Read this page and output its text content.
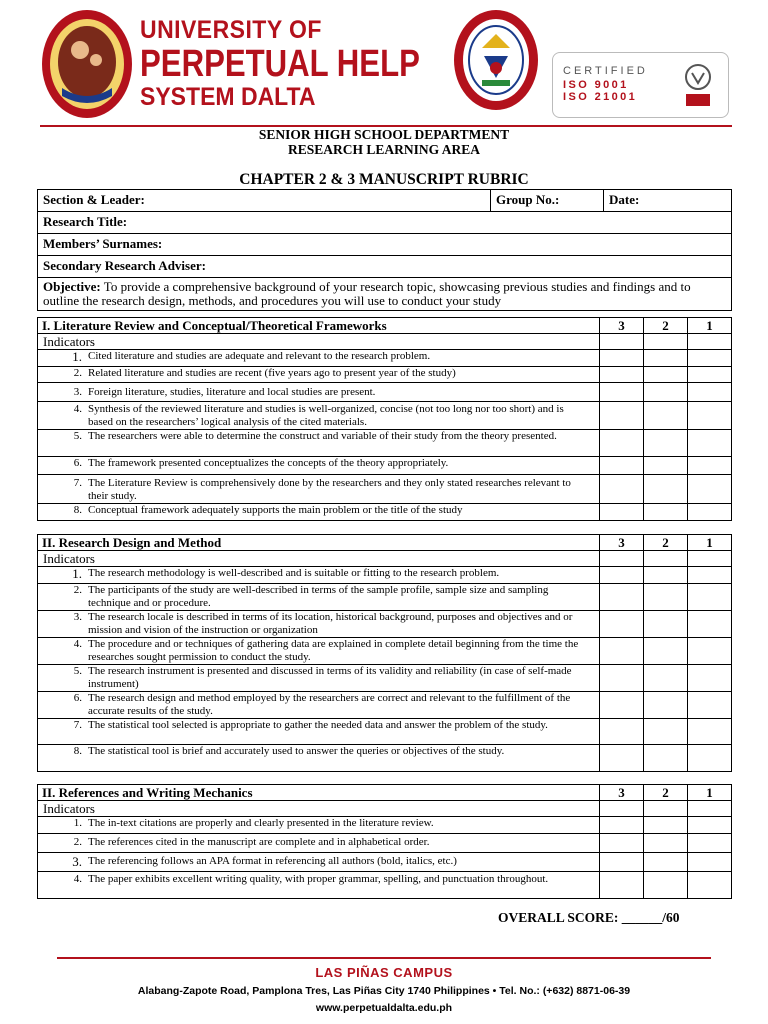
UNIVERSITY OF
PERPETUAL HELP
SYSTEM DALTA
CERTIFIED
ISO 9001
ISO 21001
SENIOR HIGH SCHOOL DEPARTMENT
RESEARCH LEARNING AREA
CHAPTER 2 & 3 MANUSCRIPT RUBRIC
Section & Leader:	Group No.:	Date:
Research Title:
Members’ Surnames:
Secondary Research Adviser:
Objective: To provide a comprehensive background of your research topic, showcasing previous studies and findings and to outline the research design, methods, and procedures you will use to conduct your study
I. Literature Review and Conceptual/Theoretical Frameworks	3	2	1
Indicators			
1. Cited literature and studies are adequate and relevant to the research problem.			
2. Related literature and studies are recent (five years ago to present year of the study)			
3. Foreign literature, studies, literature and local studies are present.			
4. Synthesis of the reviewed literature and studies is well-organized, concise (not too long nor too short) and is based on the researchers’ logical analysis of the cited materials.			
5. The researchers were able to determine the construct and variable of their study from the theory presented.			
6. The framework presented conceptualizes the concepts of the theory appropriately.			
7. The Literature Review is comprehensively done by the researchers and they only stated researches relevant to their study.			
8. Conceptual framework adequately supports the main problem or the title of the study			
II. Research Design and Method	3	2	1
Indicators			
1. The research methodology is well-described and is suitable or fitting to the research problem.			
2. The participants of the study are well-described in terms of the sample profile, sample size and sampling technique and or procedure.			
3. The research locale is described in terms of its location, historical background, purposes and objectives and or mission and vision of the instruction or organization			
4. The procedure and or techniques of gathering data are explained in complete detail beginning from the time the researches sought permission to conduct the study.			
5. The research instrument is presented and discussed in terms of its validity and reliability (in case of self-made instrument)			
6. The research design and method employed by the researchers are correct and relevant to the fulfillment of the accurate results of the study.			
7. The statistical tool selected is appropriate to gather the needed data and answer the problem of the study.			
8. The statistical tool is brief and accurately used to answer the queries or objectives of the study.			
II. References and Writing Mechanics	3	2	1
Indicators			
1. The in-text citations are properly and clearly presented in the literature review.			
2. The references cited in the manuscript are complete and in alphabetical order.			
3. The referencing follows an APA format in referencing all authors (bold, italics, etc.)			
4. The paper exhibits excellent writing quality, with proper grammar, spelling, and punctuation throughout.			
OVERALL SCORE: ______/60
LAS PIÑAS CAMPUS
Alabang-Zapote Road, Pamplona Tres, Las Piñas City 1740 Philippines • Tel. No.: (+632) 8871-06-39
www.perpetualdalta.edu.ph
